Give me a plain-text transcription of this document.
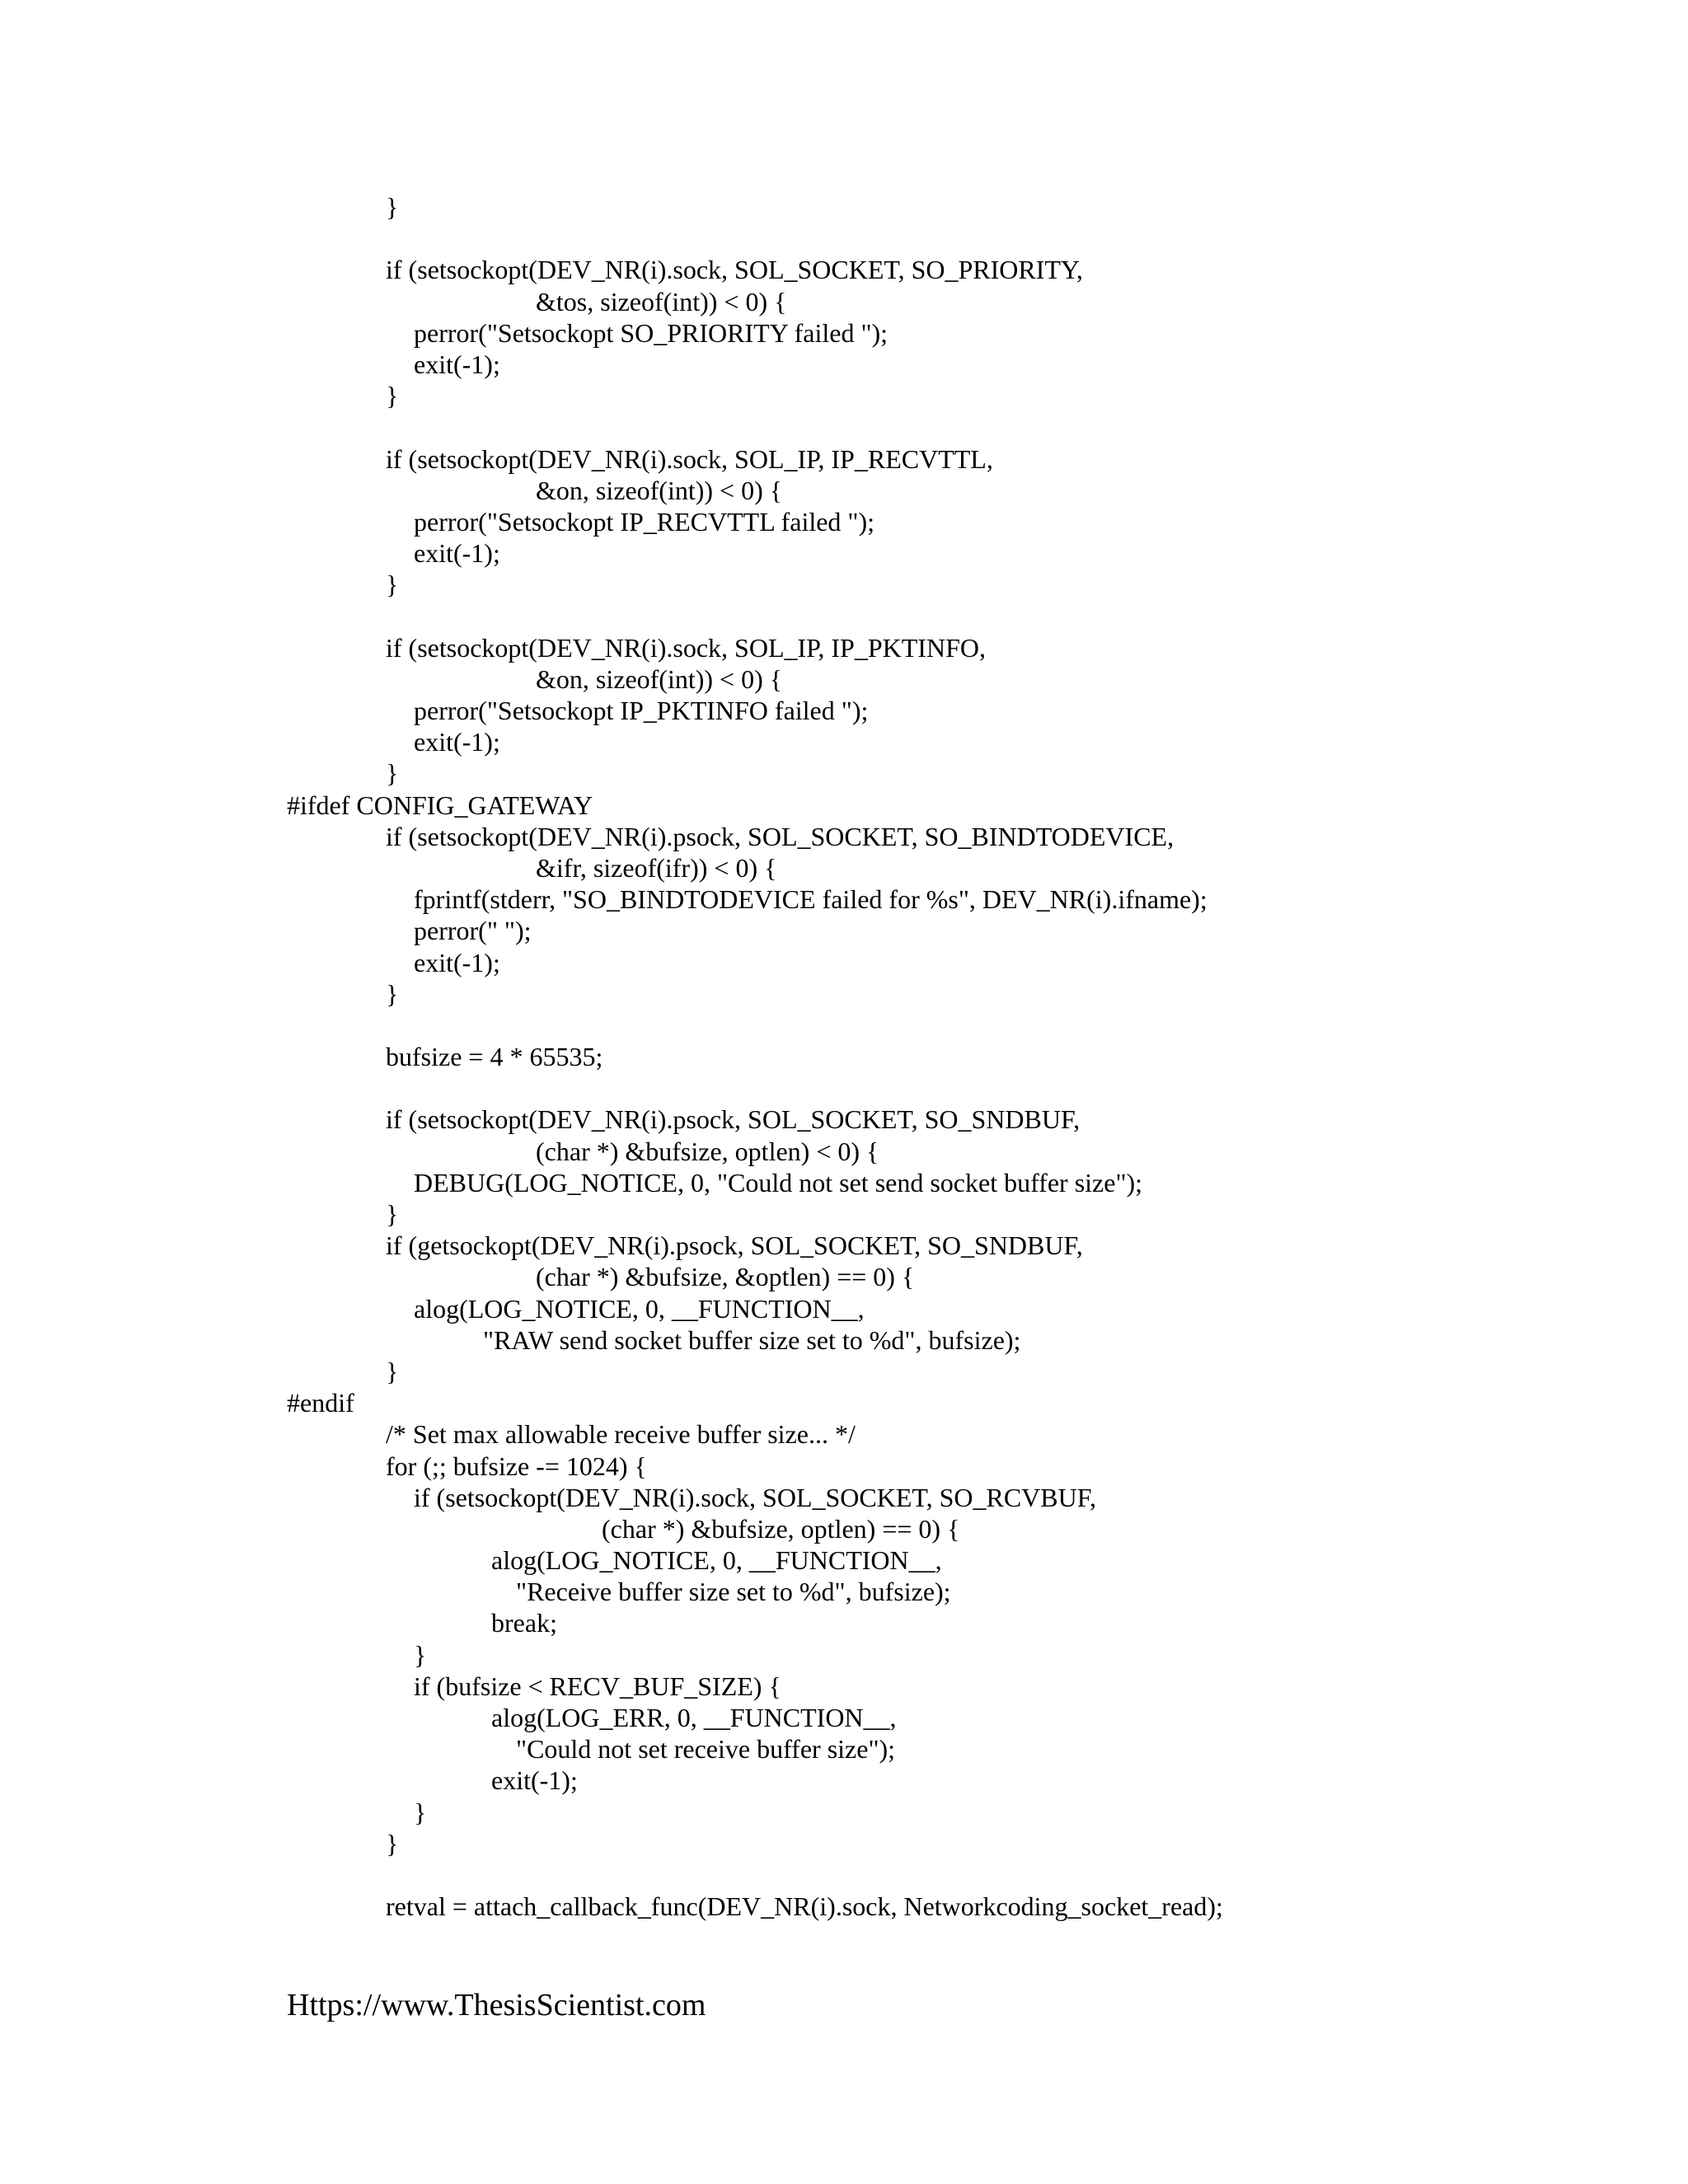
}
if (setsockopt(DEV_NR(i).sock, SOL_SOCKET, SO_PRIORITY,
&tos, sizeof(int)) < 0) {
perror("Setsockopt SO_PRIORITY failed ");
exit(-1);
}
if (setsockopt(DEV_NR(i).sock, SOL_IP, IP_RECVTTL,
&on, sizeof(int)) < 0) {
perror("Setsockopt IP_RECVTTL failed ");
exit(-1);
}
if (setsockopt(DEV_NR(i).sock, SOL_IP, IP_PKTINFO,
&on, sizeof(int)) < 0) {
perror("Setsockopt IP_PKTINFO failed ");
exit(-1);
}
#ifdef CONFIG_GATEWAY
if (setsockopt(DEV_NR(i).psock, SOL_SOCKET, SO_BINDTODEVICE,
&ifr, sizeof(ifr)) < 0) {
fprintf(stderr, "SO_BINDTODEVICE failed for %s", DEV_NR(i).ifname);
perror(" ");
exit(-1);
}
bufsize = 4 * 65535;
if (setsockopt(DEV_NR(i).psock, SOL_SOCKET, SO_SNDBUF,
(char *) &bufsize, optlen) < 0) {
DEBUG(LOG_NOTICE, 0, "Could not set send socket buffer size");
}
if (getsockopt(DEV_NR(i).psock, SOL_SOCKET, SO_SNDBUF,
(char *) &bufsize, &optlen) == 0) {
alog(LOG_NOTICE, 0, __FUNCTION__,
"RAW send socket buffer size set to %d", bufsize);
}
#endif
/* Set max allowable receive buffer size... */
for (;; bufsize -= 1024) {
if (setsockopt(DEV_NR(i).sock, SOL_SOCKET, SO_RCVBUF,
(char *) &bufsize, optlen) == 0) {
alog(LOG_NOTICE, 0, __FUNCTION__,
"Receive buffer size set to %d", bufsize);
break;
}
if (bufsize < RECV_BUF_SIZE) {
alog(LOG_ERR, 0, __FUNCTION__,
"Could not set receive buffer size");
exit(-1);
}
}
retval = attach_callback_func(DEV_NR(i).sock, Networkcoding_socket_read);
Https://www.ThesisScientist.com
